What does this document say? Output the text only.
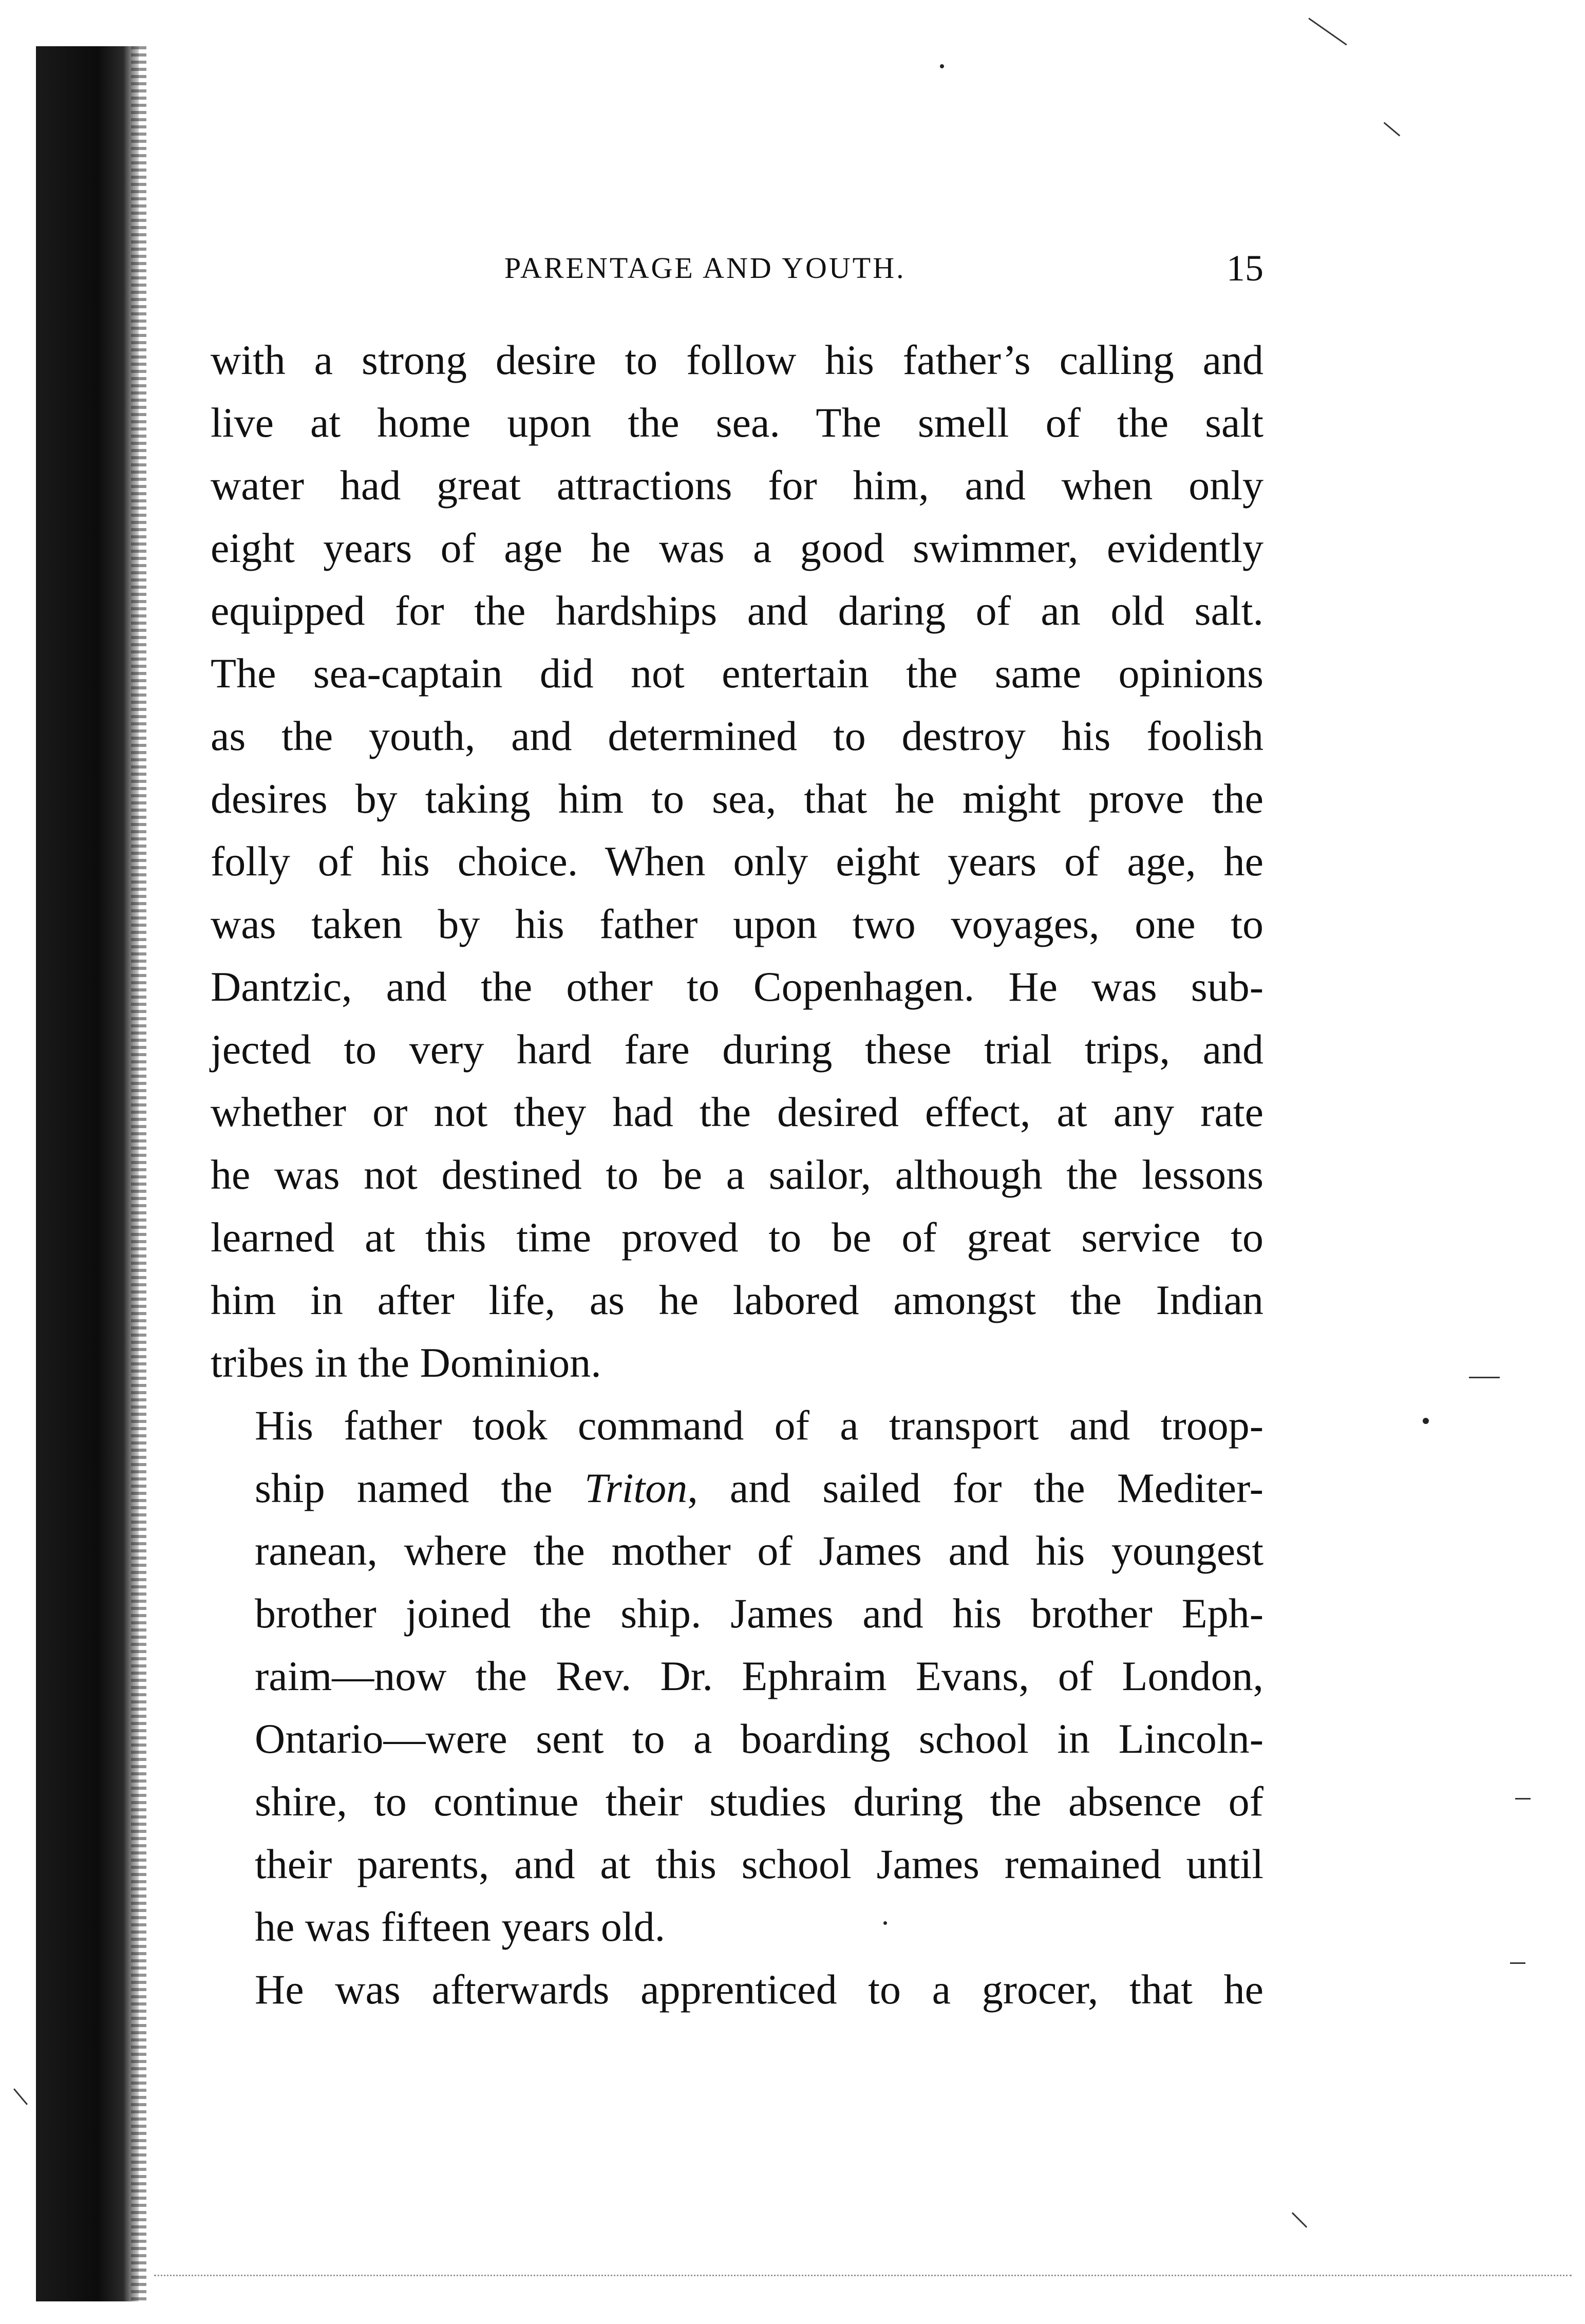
PARENTAGE AND YOUTH.	15

with a strong desire to follow his father’s calling and
live at home upon the sea. The smell of the salt
water had great attractions for him, and when only
eight years of age he was a good swimmer, evidently
equipped for the hardships and daring of an old salt.
The sea-captain did not entertain the same opinions
as the youth, and determined to destroy his foolish
desires by taking him to sea, that he might prove the
folly of his choice. When only eight years of age, he
was taken by his father upon two voyages, one to
Dantzic, and the other to Copenhagen. He was sub-
jected to very hard fare during these trial trips, and
whether or not they had the desired effect, at any rate
he was not destined to be a sailor, although the lessons
learned at this time proved to be of great service to
him in after life, as he labored amongst the Indian
tribes in the Dominion.

His father took command of a transport and troop-
ship named the Triton, and sailed for the Mediter-
ranean, where the mother of James and his youngest
brother joined the ship. James and his brother Eph-
raim—now the Rev. Dr. Ephraim Evans, of London,
Ontario—were sent to a boarding school in Lincoln-
shire, to continue their studies during the absence of
their parents, and at this school James remained until
he was fifteen years old.

He was afterwards apprenticed to a grocer, that he
